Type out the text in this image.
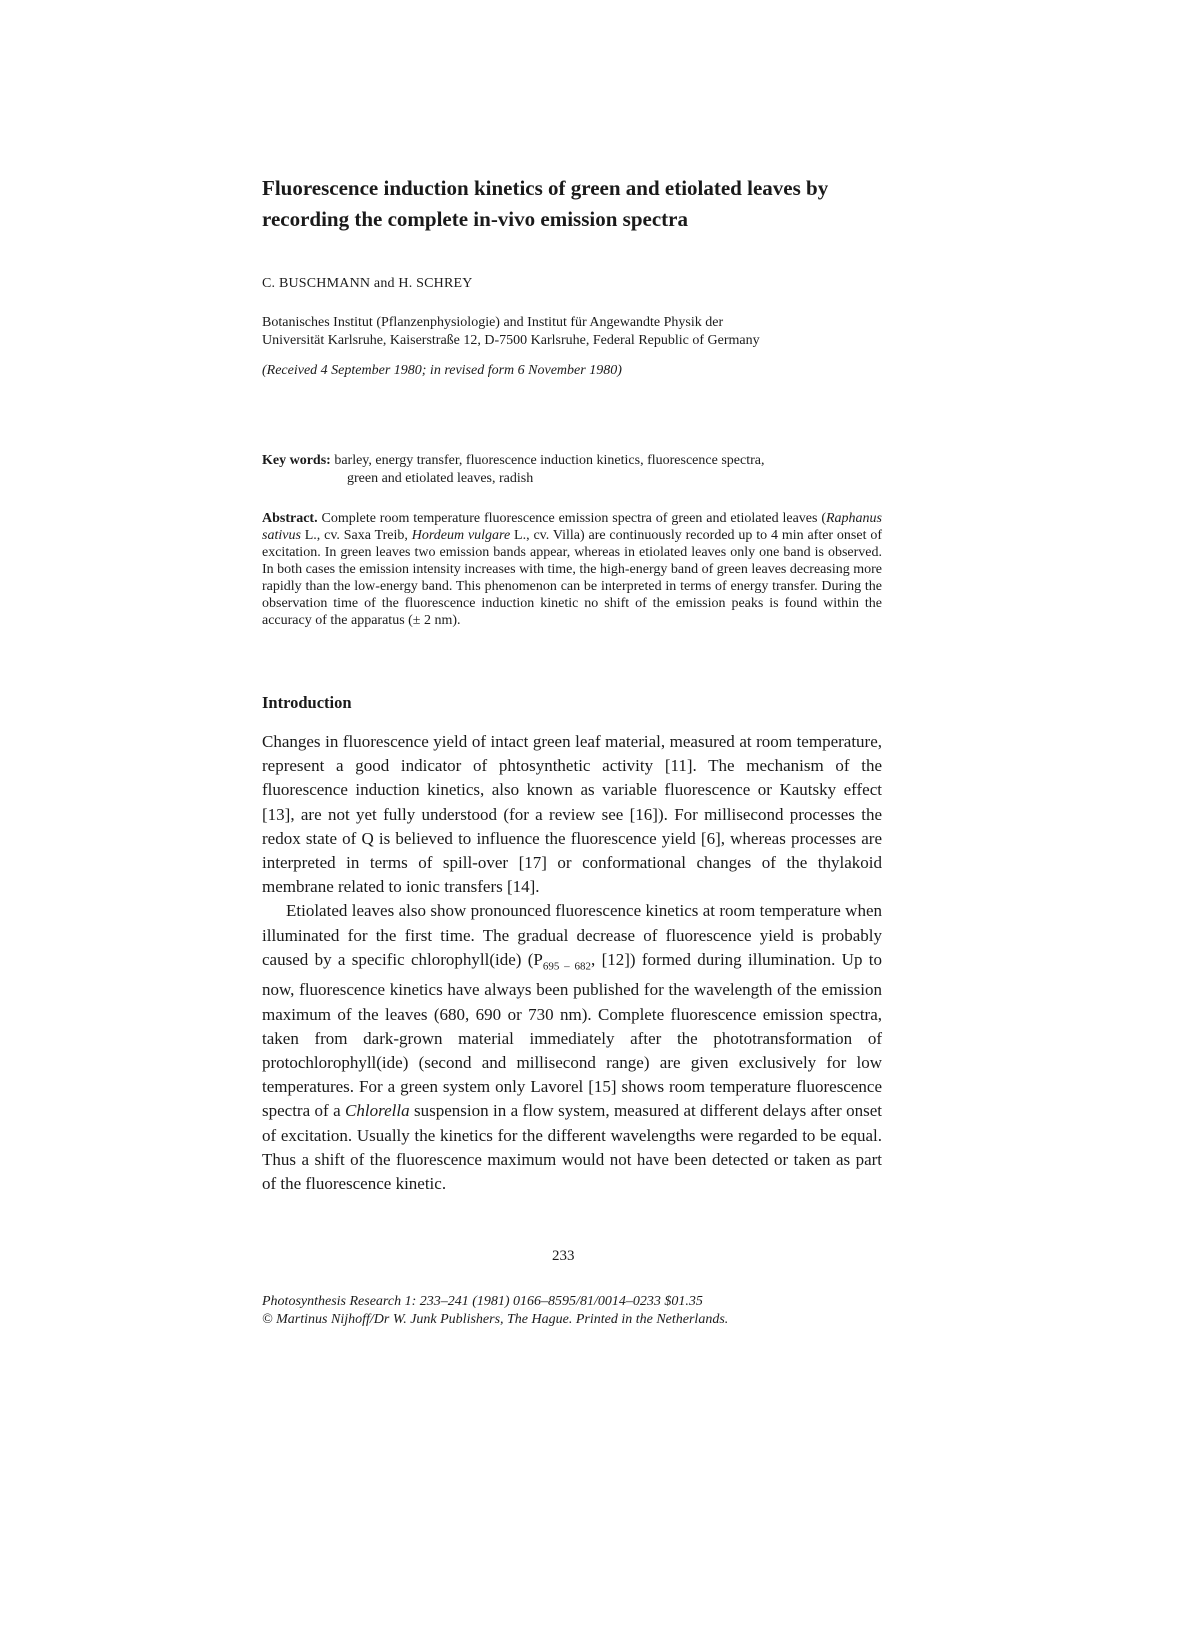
Fluorescence induction kinetics of green and etiolated leaves by
recording the complete in-vivo emission spectra
C. BUSCHMANN and H. SCHREY
Botanisches Institut (Pflanzenphysiologie) and Institut für Angewandte Physik der
Universität Karlsruhe, Kaiserstraße 12, D-7500 Karlsruhe, Federal Republic of Germany
(Received 4 September 1980; in revised form 6 November 1980)
Key words: barley, energy transfer, fluorescence induction kinetics, fluorescence spectra,
green and etiolated leaves, radish
Abstract. Complete room temperature fluorescence emission spectra of green and etiolated leaves (Raphanus sativus L., cv. Saxa Treib, Hordeum vulgare L., cv. Villa) are continuously recorded up to 4 min after onset of excitation. In green leaves two emission bands appear, whereas in etiolated leaves only one band is observed. In both cases the emission intensity increases with time, the high-energy band of green leaves decreasing more rapidly than the low-energy band. This phenomenon can be interpreted in terms of energy transfer. During the observation time of the fluorescence induction kinetic no shift of the emission peaks is found within the accuracy of the apparatus (± 2 nm).
Introduction

Changes in fluorescence yield of intact green leaf material, measured at room temperature, represent a good indicator of phtosynthetic activity [11]. The mechanism of the fluorescence induction kinetics, also known as variable fluorescence or Kautsky effect [13], are not yet fully understood (for a review see [16]). For millisecond processes the redox state of Q is believed to influence the fluorescence yield [6], whereas processes are interpreted in terms of spill-over [17] or conformational changes of the thylakoid membrane related to ionic transfers [14].

Etiolated leaves also show pronounced fluorescence kinetics at room temperature when illuminated for the first time. The gradual decrease of fluorescence yield is probably caused by a specific chlorophyll(ide) ($P_{695 - 682}$, [12]) formed during illumination. Up to now, fluorescence kinetics have always been published for the wavelength of the emission maximum of the leaves (680, 690 or 730 nm). Complete fluorescence emission spectra, taken from dark-grown material immediately after the phototransformation of protochlorophyll(ide) (second and millisecond range) are given exclusively for low temperatures. For a green system only Lavorel [15] shows room temperature fluorescence spectra of a Chlorella suspension in a flow system, measured at different delays after onset of excitation. Usually the kinetics for the different wavelengths were regarded to be equal. Thus a shift of the fluorescence maximum would not have been detected or taken as part of the fluorescence kinetic.

233
Photosynthesis Research 1: 233–241 (1981) 0166–8595/81/0014–0233 $01.35
© Martinus Nijhoff/Dr W. Junk Publishers, The Hague. Printed in the Netherlands.
